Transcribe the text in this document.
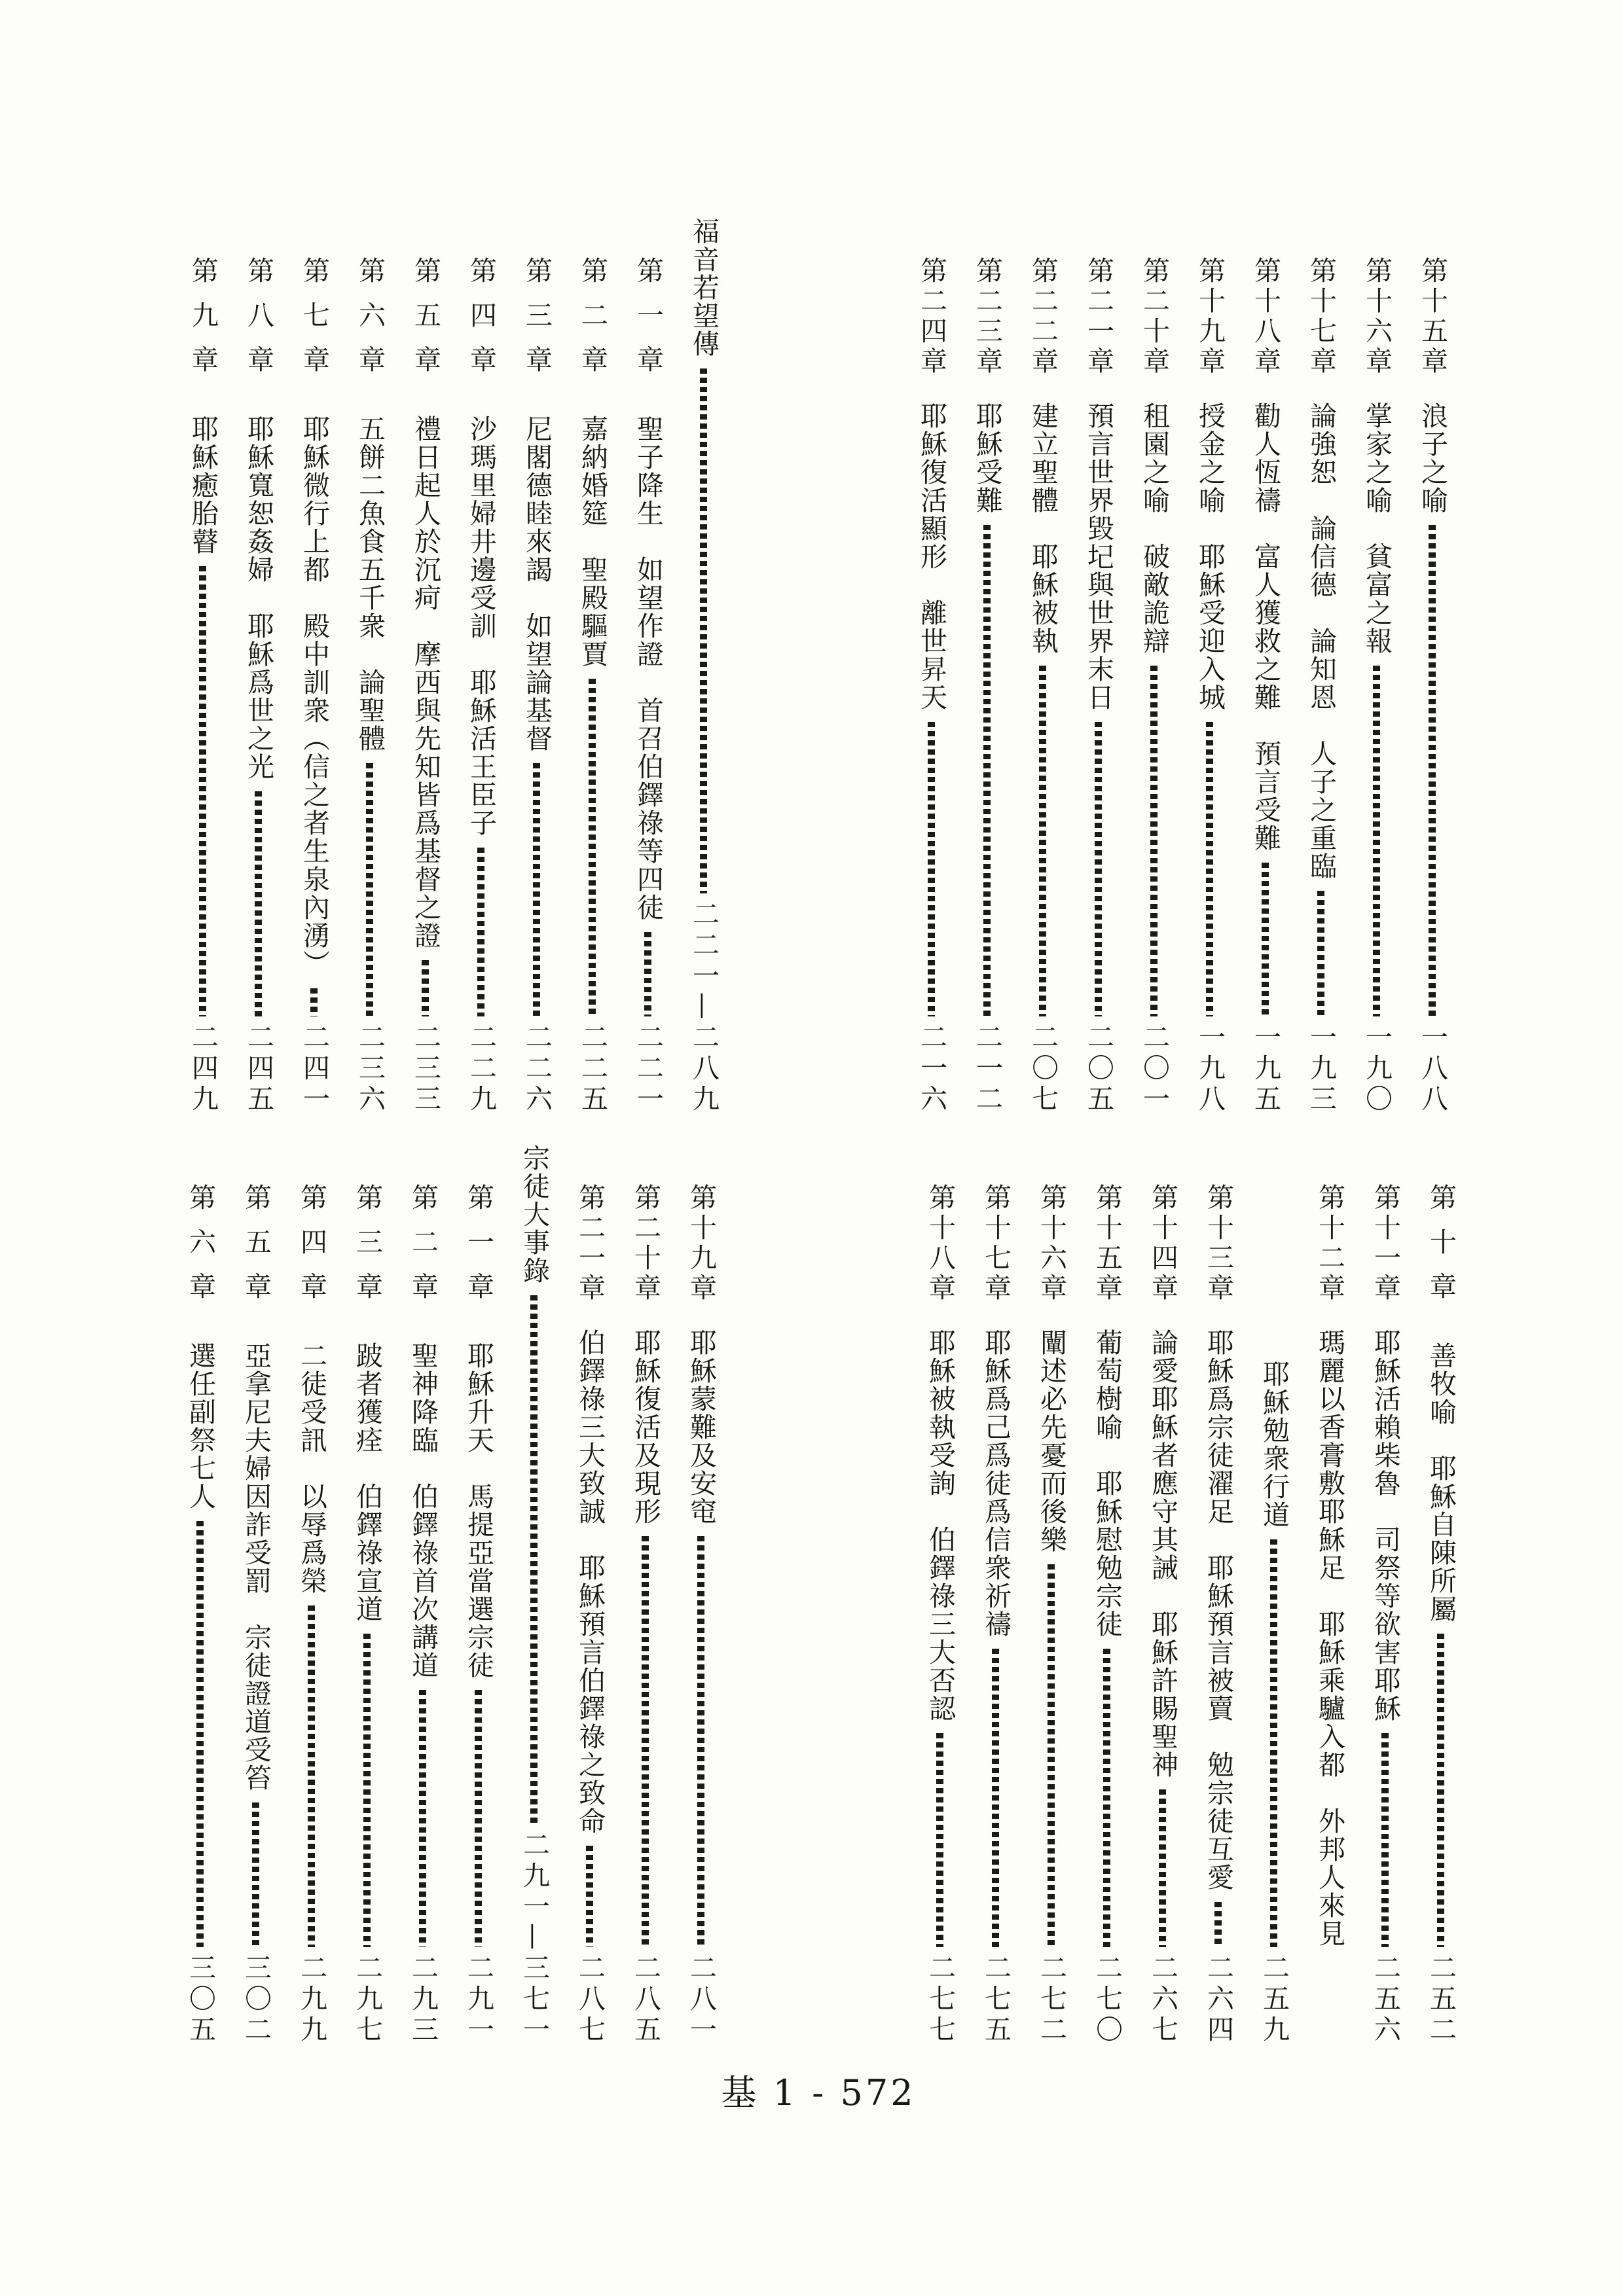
第十五章
浪子之喻
一八八
第十六章
掌家之喻　貧富之報
一九〇
第十七章
論強恕　論信德　論知恩　人子之重臨
一九三
第十八章
勸人恆禱　富人獲救之難　預言受難
一九五
第十九章
授金之喻　耶穌受迎入城
一九八
第二十章
租園之喻　破敵詭辯
二〇一
第二一章
預言世界毀圮與世界末日
二〇五
第二二章
建立聖體　耶穌被執
二〇七
第二三章
耶穌受難
二一二
第二四章
耶穌復活顯形　離世昇天
二一六
福音若望傳
二二一—二八九
第一章
聖子降生　如望作證　首召伯鐸祿等四徒
二二一
第二章
嘉納婚筵　聖殿驅賈
二二五
第三章
尼閣德睦來謁　如望論基督
二二六
第四章
沙瑪里婦井邊受訓　耶穌活王臣子
二二九
第五章
禮日起人於沉疴　摩西與先知皆爲基督之證
二三三
第六章
五餅二魚食五千衆　論聖體
二三六
第七章
耶穌微行上都　殿中訓衆（信之者生泉內湧）
二四一
第八章
耶穌寬恕姦婦　耶穌爲世之光
二四五
第九章
耶穌癒胎瞽
二四九
第十章
善牧喻　耶穌自陳所屬
二五二
第十一章
耶穌活賴柴魯　司祭等欲害耶穌
二五六
第十二章
瑪麗以香膏敷耶穌足　耶穌乘驢入都　外邦人來見
耶穌勉衆行道
二五九
第十三章
耶穌爲宗徒濯足　耶穌預言被賣　勉宗徒互愛
二六四
第十四章
論愛耶穌者應守其誡　耶穌許賜聖神
二六七
第十五章
葡萄樹喻　耶穌慰勉宗徒
二七〇
第十六章
闡述必先憂而後樂
二七二
第十七章
耶穌爲己爲徒爲信衆祈禱
二七五
第十八章
耶穌被執受詢　伯鐸祿三大否認
二七七
第十九章
耶穌蒙難及安窀
二八一
第二十章
耶穌復活及現形
二八五
第二一章
伯鐸祿三大致誠　耶穌預言伯鐸祿之致命
二八七
宗徒大事錄
二九一—三七一
第一章
耶穌升天　馬提亞當選宗徒
二九一
第二章
聖神降臨　伯鐸祿首次講道
二九三
第三章
跛者獲痊　伯鐸祿宣道
二九七
第四章
二徒受訊　以辱爲榮
二九九
第五章
亞拿尼夫婦因詐受罰　宗徒證道受笞
三〇二
第六章
選任副祭七人
三〇五
基 1 - 572
